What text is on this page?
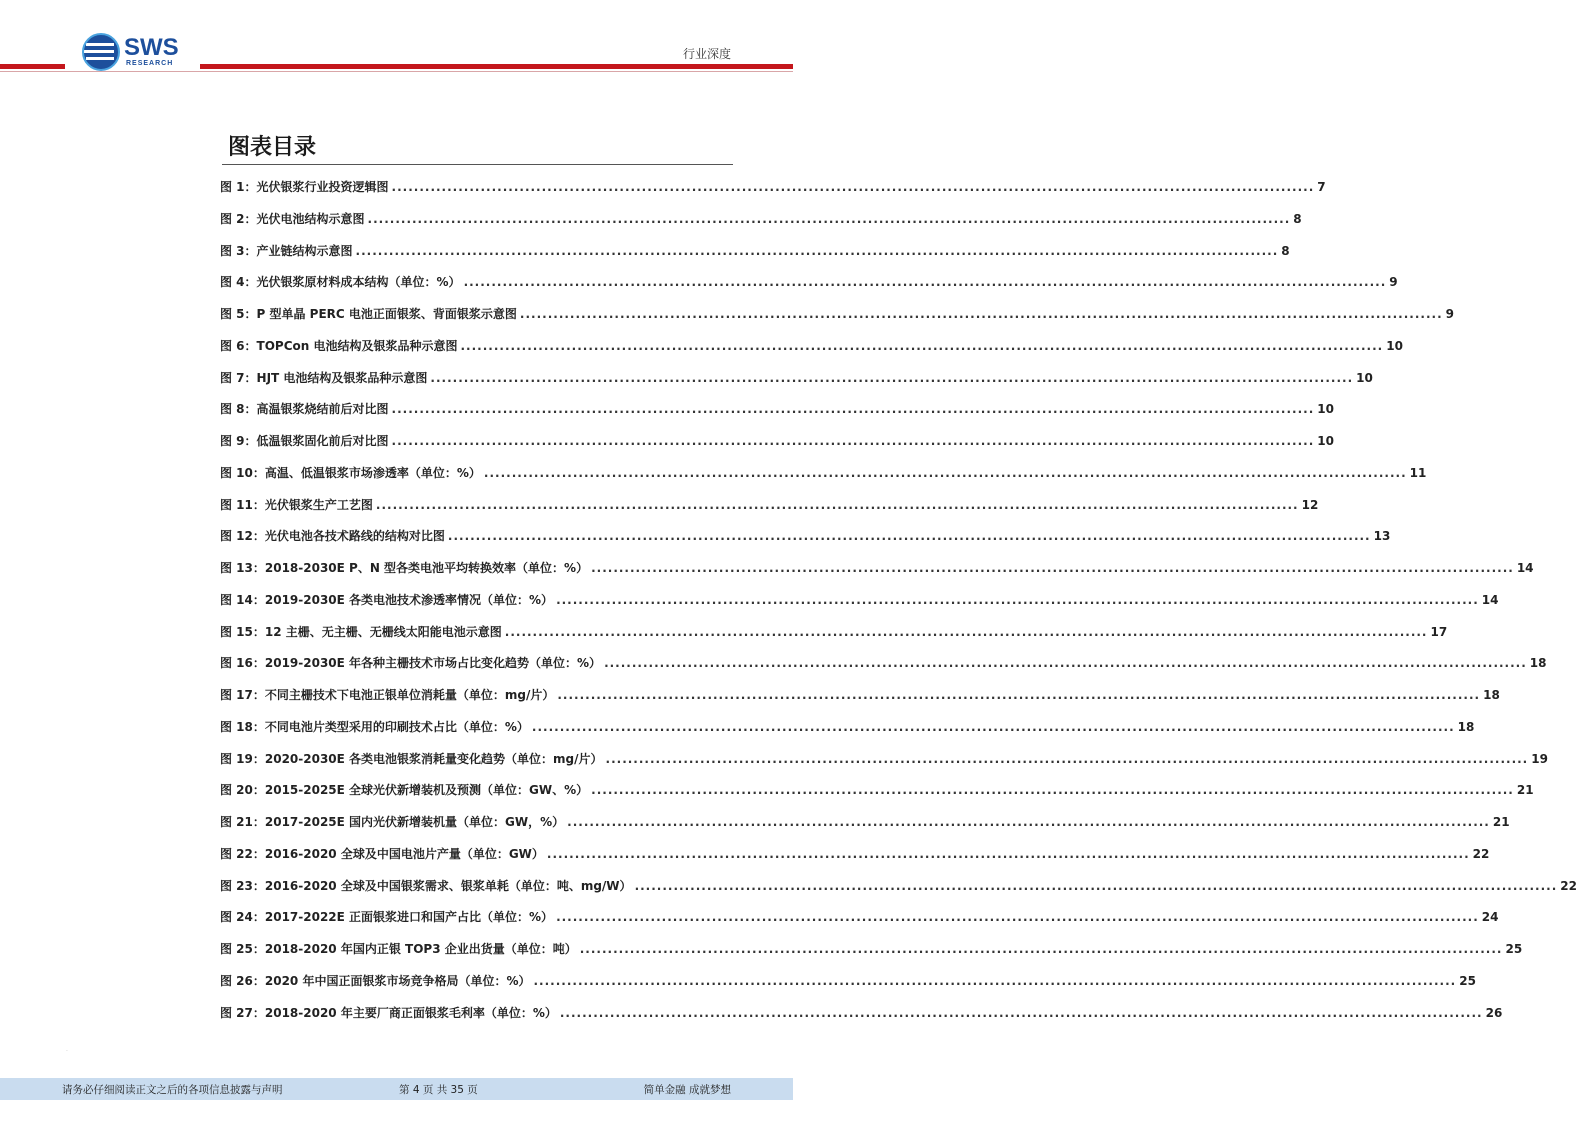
SWS
RESEARCH
行业深度
图表目录
图 1：光伏银浆行业投资逻辑图 .....	7
图 2：光伏电池结构示意图 .....	8
图 3：产业链结构示意图 .....	8
图 4：光伏银浆原材料成本结构（单位：%） .....	9
图 5：P 型单晶 PERC 电池正面银浆、背面银浆示意图 .....	9
图 6：TOPCon 电池结构及银浆品种示意图 .....	10
图 7：HJT 电池结构及银浆品种示意图 .....	10
图 8：高温银浆烧结前后对比图 .....	10
图 9：低温银浆固化前后对比图 .....	10
图 10：高温、低温银浆市场渗透率（单位：%） .....	11
图 11：光伏银浆生产工艺图 .....	12
图 12：光伏电池各技术路线的结构对比图 .....	13
图 13：2018-2030E P、N 型各类电池平均转换效率（单位：%） .....	14
图 14：2019-2030E 各类电池技术渗透率情况（单位：%） .....	14
图 15：12 主栅、无主栅、无栅线太阳能电池示意图 .....	17
图 16：2019-2030E 年各种主栅技术市场占比变化趋势（单位：%） .....	18
图 17：不同主栅技术下电池正银单位消耗量（单位：mg/片） .....	18
图 18：不同电池片类型采用的印刷技术占比（单位：%） .....	18
图 19：2020-2030E 各类电池银浆消耗量变化趋势（单位：mg/片） .....	19
图 20：2015-2025E 全球光伏新增装机及预测（单位：GW、%） .....	21
图 21：2017-2025E 国内光伏新增装机量（单位：GW，%） .....	21
图 22：2016-2020 全球及中国电池片产量（单位：GW） .....	22
图 23：2016-2020 全球及中国银浆需求、银浆单耗（单位：吨、mg/W） .....	22
图 24：2017-2022E 正面银浆进口和国产占比（单位：%） .....	24
图 25：2018-2020 年国内正银 TOP3 企业出货量（单位：吨） .....	25
图 26：2020 年中国正面银浆市场竞争格局（单位：%） .....	25
图 27：2018-2020 年主要厂商正面银浆毛利率（单位：%） .....	26
·
请务必仔细阅读正文之后的各项信息披露与声明	第 4 页 共 35 页	简单金融 成就梦想
